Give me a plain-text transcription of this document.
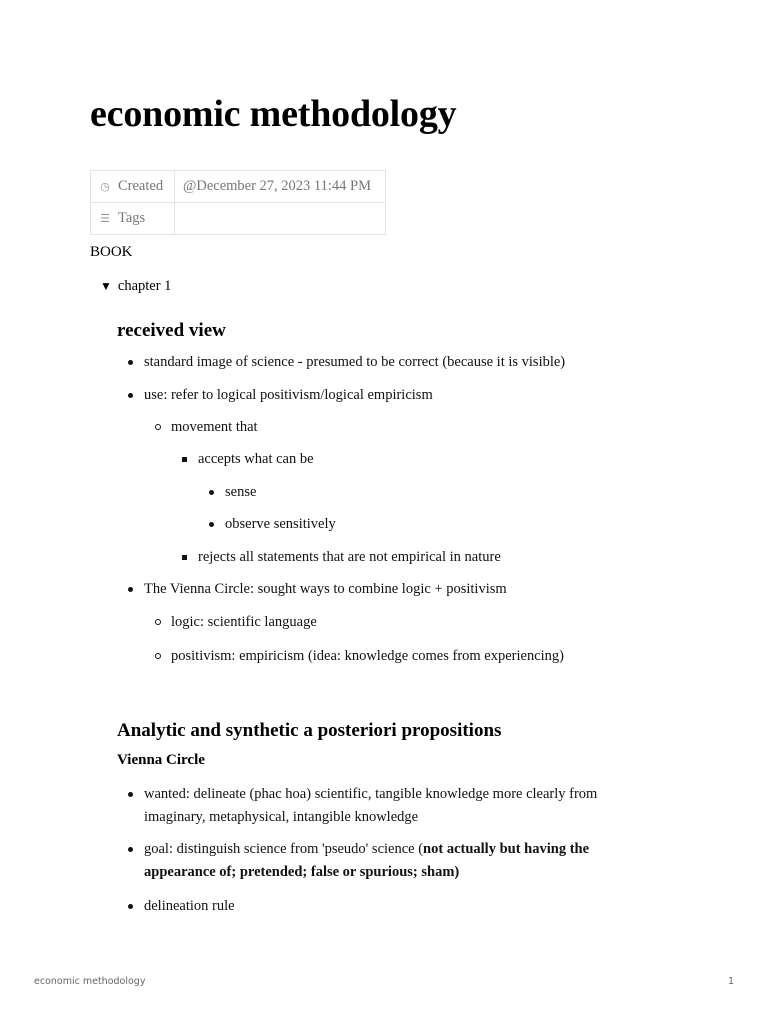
economic methodology
◷ Created	@December 27, 2023 11:44 PM
☰ Tags	
BOOK
▼ chapter 1
received view
standard image of science - presumed to be correct (because it is visible)
use: refer to logical positivism/logical empiricism
movement that
accepts what can be
sense
observe sensitively
rejects all statements that are not empirical in nature
The Vienna Circle: sought ways to combine logic + positivism
logic: scientific language
positivism: empiricism (idea: knowledge comes from experiencing)
Analytic and synthetic a posteriori propositions
Vienna Circle
wanted: delineate (phac hoa) scientific, tangible knowledge more clearly from
imaginary, metaphysical, intangible knowledge
goal: distinguish science from 'pseudo' science (not actually but having the
appearance of; pretended; false or spurious; sham)
delineation rule
economic methodology	1
